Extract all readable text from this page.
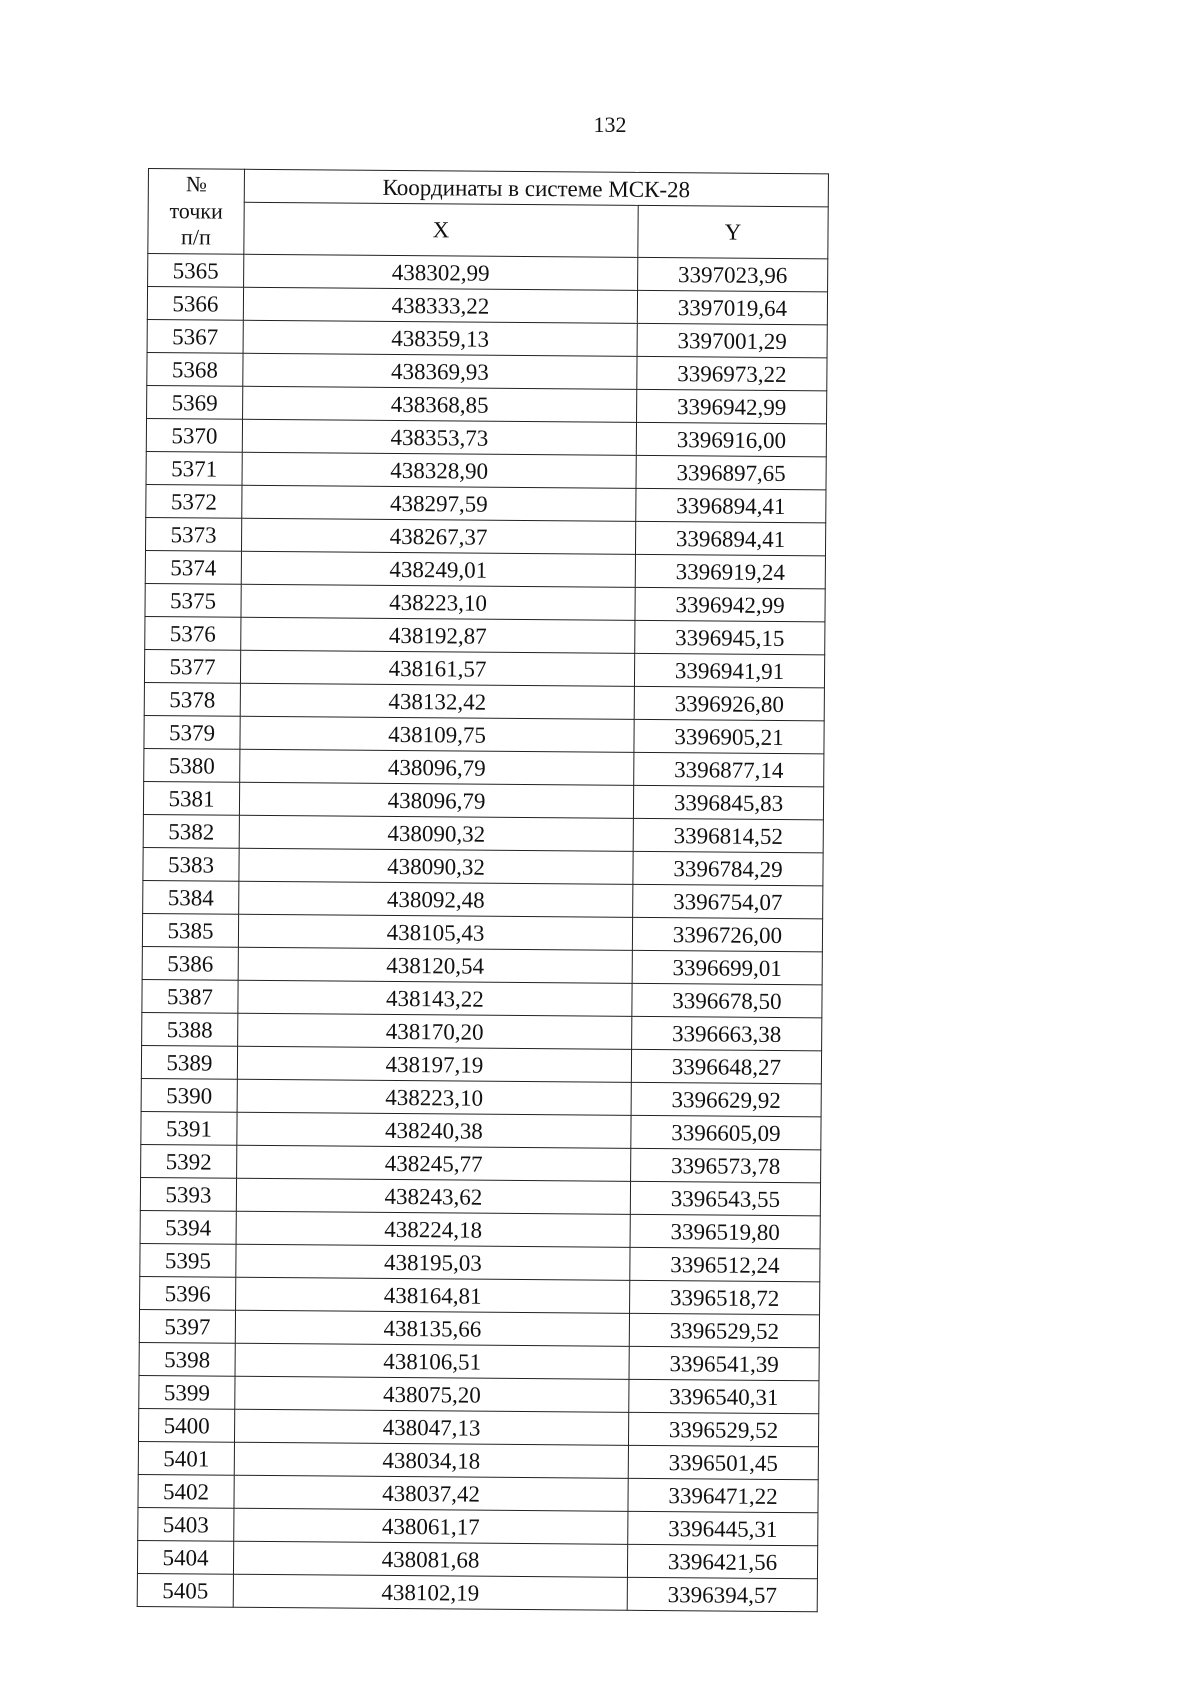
132
№
точки
п/п	Координаты в системе МСК-28	
	X	Y
5365	438302,99	3397023,96
5366	438333,22	3397019,64
5367	438359,13	3397001,29
5368	438369,93	3396973,22
5369	438368,85	3396942,99
5370	438353,73	3396916,00
5371	438328,90	3396897,65
5372	438297,59	3396894,41
5373	438267,37	3396894,41
5374	438249,01	3396919,24
5375	438223,10	3396942,99
5376	438192,87	3396945,15
5377	438161,57	3396941,91
5378	438132,42	3396926,80
5379	438109,75	3396905,21
5380	438096,79	3396877,14
5381	438096,79	3396845,83
5382	438090,32	3396814,52
5383	438090,32	3396784,29
5384	438092,48	3396754,07
5385	438105,43	3396726,00
5386	438120,54	3396699,01
5387	438143,22	3396678,50
5388	438170,20	3396663,38
5389	438197,19	3396648,27
5390	438223,10	3396629,92
5391	438240,38	3396605,09
5392	438245,77	3396573,78
5393	438243,62	3396543,55
5394	438224,18	3396519,80
5395	438195,03	3396512,24
5396	438164,81	3396518,72
5397	438135,66	3396529,52
5398	438106,51	3396541,39
5399	438075,20	3396540,31
5400	438047,13	3396529,52
5401	438034,18	3396501,45
5402	438037,42	3396471,22
5403	438061,17	3396445,31
5404	438081,68	3396421,56
5405	438102,19	3396394,57
